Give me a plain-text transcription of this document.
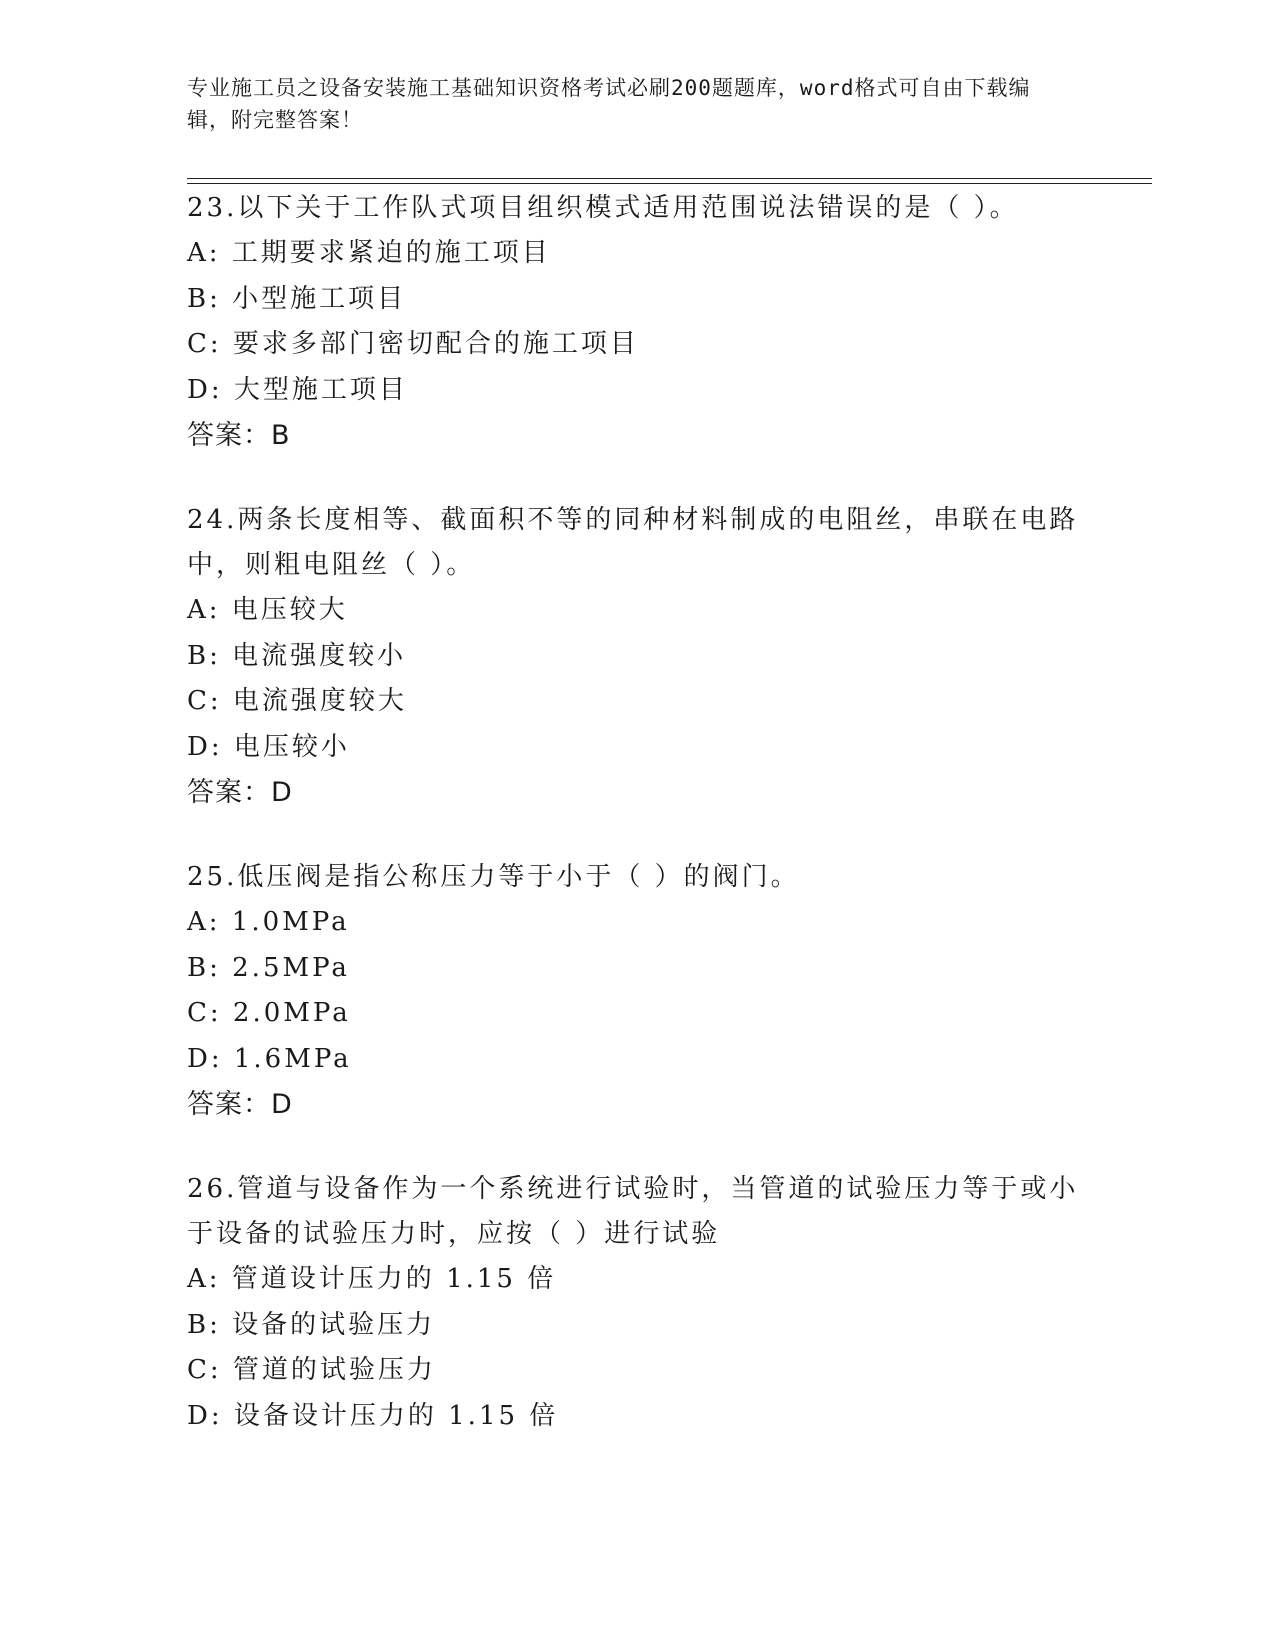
专业施工员之设备安装施工基础知识资格考试必刷200题题库，word格式可自由下载编辑，附完整答案！
23.以下关于工作队式项目组织模式适用范围说法错误的是（ ）。
A: 工期要求紧迫的施工项目
B: 小型施工项目
C: 要求多部门密切配合的施工项目
D: 大型施工项目
答案：B
24.两条长度相等、截面积不等的同种材料制成的电阻丝，串联在电路中，则粗电阻丝（ ）。
A: 电压较大
B: 电流强度较小
C: 电流强度较大
D: 电压较小
答案：D
25.低压阀是指公称压力等于小于（ ）的阀门。
A: 1.0MPa
B: 2.5MPa
C: 2.0MPa
D: 1.6MPa
答案：D
26.管道与设备作为一个系统进行试验时，当管道的试验压力等于或小于设备的试验压力时，应按（ ）进行试验
A: 管道设计压力的 1.15 倍
B: 设备的试验压力
C: 管道的试验压力
D: 设备设计压力的 1.15 倍
